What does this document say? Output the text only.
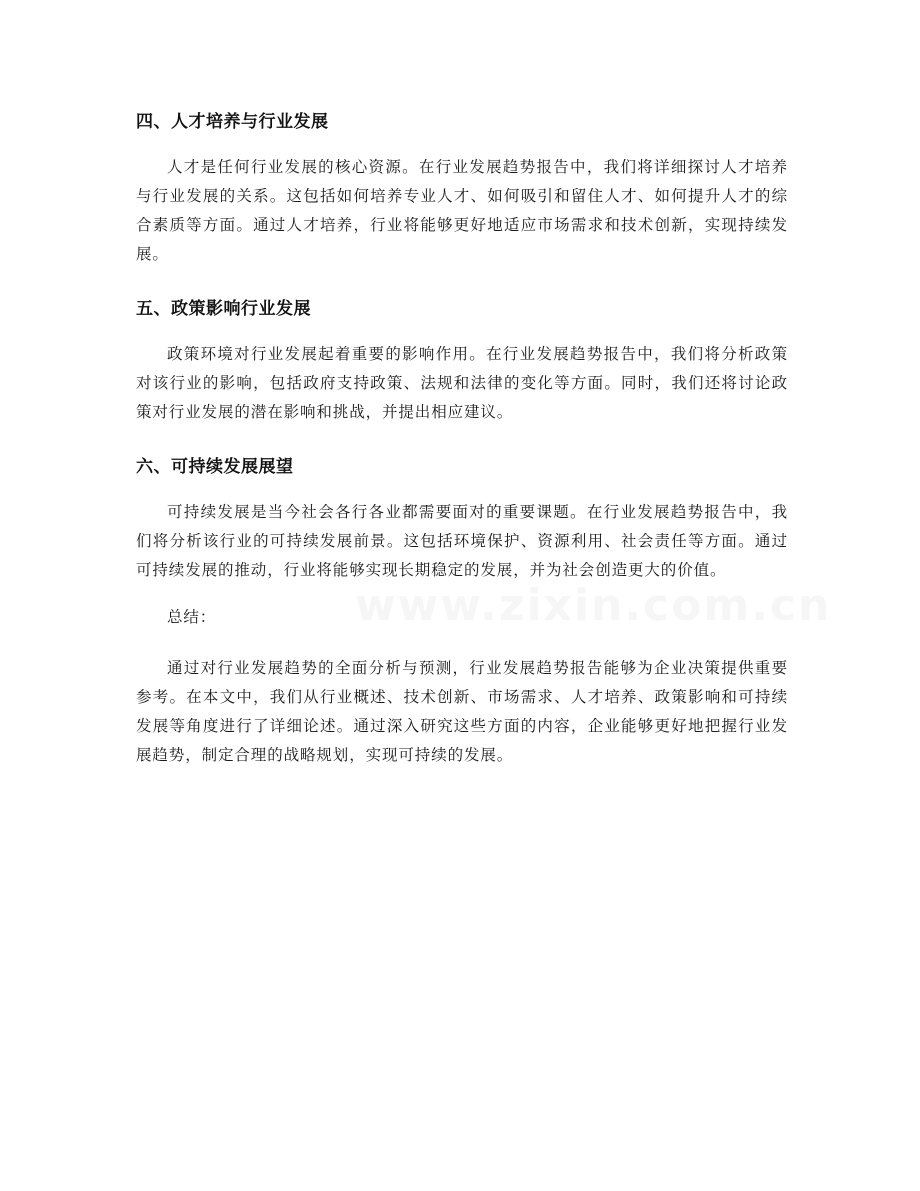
四、人才培养与行业发展

人才是任何行业发展的核心资源。在行业发展趋势报告中，我们将详细探讨人才培养与行业发展的关系。这包括如何培养专业人才、如何吸引和留住人才、如何提升人才的综合素质等方面。通过人才培养，行业将能够更好地适应市场需求和技术创新，实现持续发展。

五、政策影响行业发展

政策环境对行业发展起着重要的影响作用。在行业发展趋势报告中，我们将分析政策对该行业的影响，包括政府支持政策、法规和法律的变化等方面。同时，我们还将讨论政策对行业发展的潜在影响和挑战，并提出相应建议。

六、可持续发展展望

可持续发展是当今社会各行各业都需要面对的重要课题。在行业发展趋势报告中，我们将分析该行业的可持续发展前景。这包括环境保护、资源利用、社会责任等方面。通过可持续发展的推动，行业将能够实现长期稳定的发展，并为社会创造更大的价值。

总结：

通过对行业发展趋势的全面分析与预测，行业发展趋势报告能够为企业决策提供重要参考。在本文中，我们从行业概述、技术创新、市场需求、人才培养、政策影响和可持续发展等角度进行了详细论述。通过深入研究这些方面的内容，企业能够更好地把握行业发展趋势，制定合理的战略规划，实现可持续的发展。

www.zixin.com.cn
